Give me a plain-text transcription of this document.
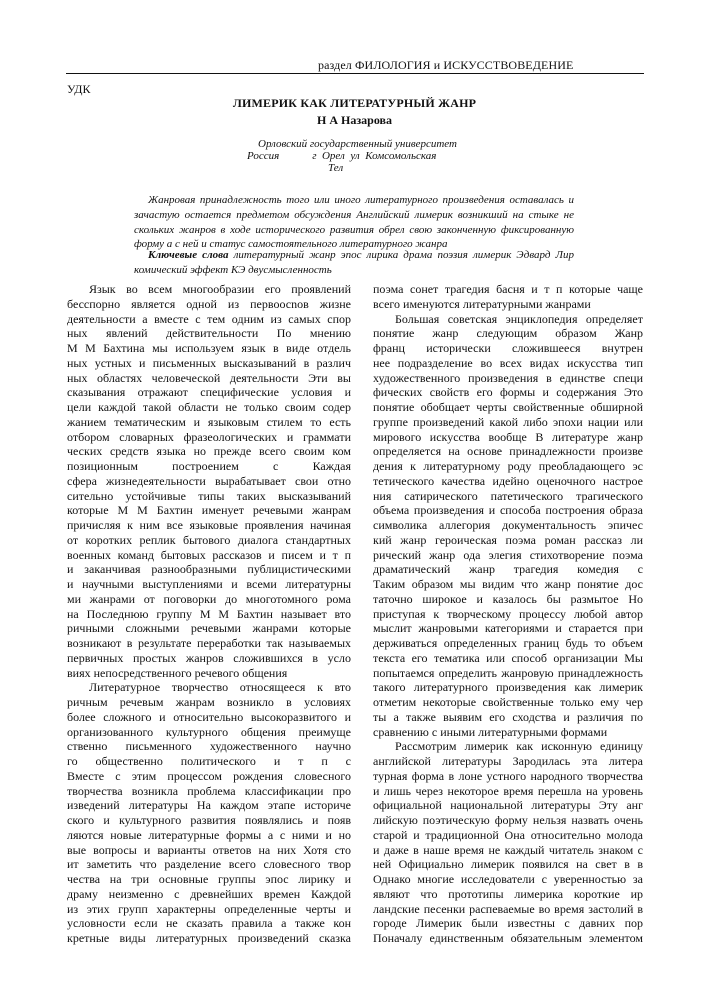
раздел ФИЛОЛОГИЯ и ИСКУССТВОВЕДЕНИЕ
УДК
ЛИМЕРИК КАК ЛИТЕРАТУРНЫЙ ЖАНР
Н А Назарова
Орловский государственный университет
Россия            г  Орел  ул  Комсомольская
Тел
Жанровая принадлежность того или иного литературного произведения оставалась и зачастую остается предметом обсуждения Английский лимерик возникший на стыке не скольких жанров в ходе исторического развития обрел свою законченную фиксированную форму а с ней и статус самостоятельного литературного жанра
Ключевые слова литературный жанр эпос лирика драма поэзия лимерик Эдвард Лир комический эффект КЭ двусмысленность
Язык во всем многообразии его проявлений
бесспорно является одной из первоосnов жизне
деятельности а вместе с тем одним из самых спор
ных явлений действительности По мнению
М М Бахтина мы используем язык в виде отдель
ных устных и письменных высказываний в различ
ных областях человеческой деятельности Эти вы
сказывания отражают специфические условия и
цели каждой такой области не только своим содер
жанием тематическим и языковым стилем то есть
отбором словарных фразеологических и граммати
ческих средств языка но прежде всего своим ком
позиционным построением с Каждая
сфера жизнедеятельности вырабатывает свои отно
сительно устойчивые типы таких высказываний
которые М М Бахтин именует речевыми жанрам
причисляя к ним все языковые проявления начиная
от коротких реплик бытового диалога стандартных
военных команд бытовых рассказов и писем и т п
и заканчивая разнообразными публицистическими
и научными выступлениями и всеми литературны
ми жанрами от поговорки до многотомного рома
на Последнюю группу М М Бахтин называет вто
ричными сложными речевыми жанрами которые
возникают в результате переработки так называемых
первичных простых жанров сложившихся в усло
виях непосредственного речевого общения
Литературное творчество относящееся к вто
ричным речевым жанрам возникло в условиях
более сложного и относительно высокоразвитого и
организованного культурного общения преимуще
ственно письменного художественного научно
го общественно политического и т п с
Вместе с этим процессом рождения словесного
творчества возникла проблема классификации про
изведений литературы На каждом этапе историче
ского и культурного развития появлялись и появ
ляются новые литературные формы а с ними и но
вые вопросы и варианты ответов на них Хотя сто
ит заметить что разделение всего словесного твор
чества на три основные группы эпос лирику и
драму неизменно с древнейших времен Каждой
из этих групп характерны определенные черты и
условности если не сказать правила а также кон
кретные виды литературных произведений сказка
поэма сонет трагедия басня и т п которые чаще
всего именуются литературными жанрами
Большая советская энциклопедия определяет
понятие жанр следующим образом Жанр
франц исторически сложившееся внутрен
нее подразделение во всех видах искусства тип
художественного произведения в единстве специ
фических свойств его формы и содержания Это
понятие обобщает черты свойственные обширной
группе произведений какой либо эпохи нации или
мирового искусства вообще В литературе жанр
определяется на основе принадлежности произве
дения к литературному роду преобладающего эс
тетического качества идейно оценочного настрое
ния сатирического патетического трагического
объема произведения и способа построения образа
символика аллегория документальность эпичес
кий жанр героическая поэма роман рассказ ли
рический жанр ода элегия стихотворение поэма
драматический жанр трагедия комедия с
Таким образом мы видим что жанр понятие дос
таточно широкое и казалось бы размытое Но
приступая к творческому процессу любой автор
мыслит жанровыми категориями и старается при
держиваться определенных границ будь то объем
текста его тематика или способ организации Мы
попытаемся определить жанровую принадлежность
такого литературного произведения как лимерик
отметим некоторые свойственные только ему чер
ты а также выявим его сходства и различия по
сравнению с иными литературными формами
Рассмотрим лимерик как исконную единицу
английской литературы Зародилась эта литера
турная форма в лоне устного народного творчества
и лишь через некоторое время перешла на уровень
официальной национальной литературы Эту анг
лийскую поэтическую форму нельзя назвать очень
старой и традиционной Она относительно молода
и даже в наше время не каждый читатель знаком с
ней Официально лимерик появился на свет в в
Однако многие исследователи с уверенностью за
являют что прототипы лимерика короткие ир
ландские песенки распеваемые во время застолий в
городе Лимерик были известны с давних пор
Поначалу единственным обязательным элементом
